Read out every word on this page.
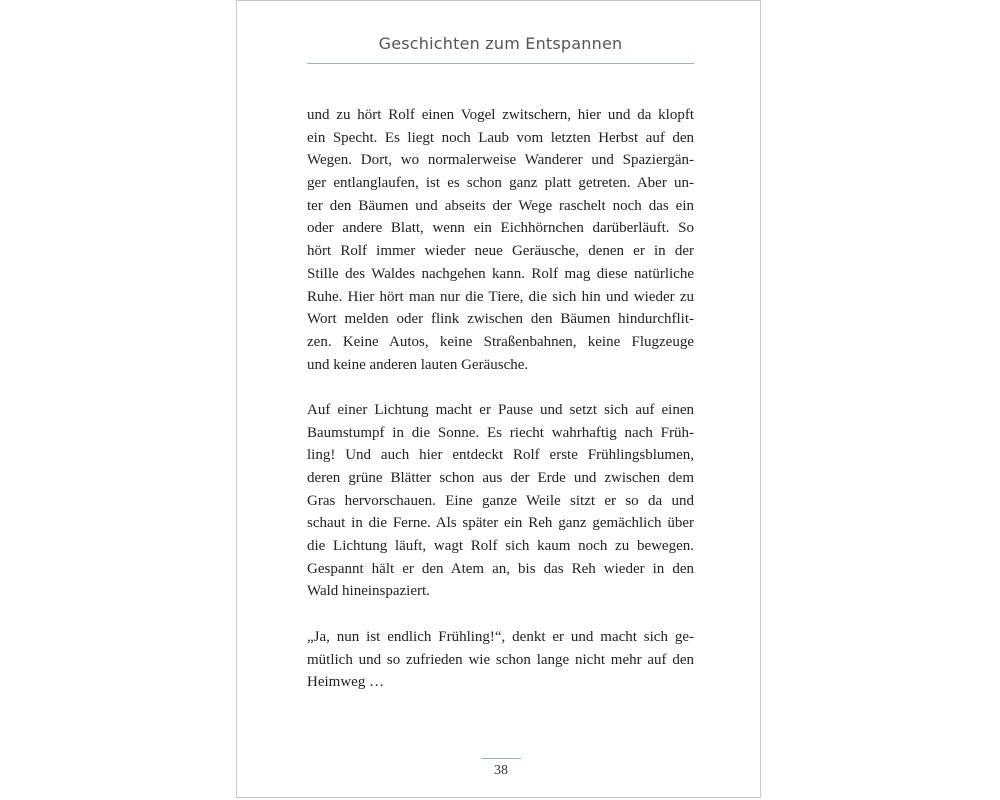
Geschichten zum Entspannen
und zu hört Rolf einen Vogel zwitschern, hier und da klopft
ein Specht. Es liegt noch Laub vom letzten Herbst auf den
Wegen. Dort, wo normalerweise Wanderer und Spaziergän-
ger entlanglaufen, ist es schon ganz platt getreten. Aber un-
ter den Bäumen und abseits der Wege raschelt noch das ein
oder andere Blatt, wenn ein Eichhörnchen darüberläuft. So
hört Rolf immer wieder neue Geräusche, denen er in der
Stille des Waldes nachgehen kann. Rolf mag diese natürliche
Ruhe. Hier hört man nur die Tiere, die sich hin und wieder zu
Wort melden oder flink zwischen den Bäumen hindurchflit-
zen. Keine Autos, keine Straßenbahnen, keine Flugzeuge
und keine anderen lauten Geräusche.
Auf einer Lichtung macht er Pause und setzt sich auf einen
Baumstumpf in die Sonne. Es riecht wahrhaftig nach Früh-
ling! Und auch hier entdeckt Rolf erste Frühlingsblumen,
deren grüne Blätter schon aus der Erde und zwischen dem
Gras hervorschauen. Eine ganze Weile sitzt er so da und
schaut in die Ferne. Als später ein Reh ganz gemächlich über
die Lichtung läuft, wagt Rolf sich kaum noch zu bewegen.
Gespannt hält er den Atem an, bis das Reh wieder in den
Wald hineinspaziert.
„Ja, nun ist endlich Frühling!“, denkt er und macht sich ge-
mütlich und so zufrieden wie schon lange nicht mehr auf den
Heimweg …
38
